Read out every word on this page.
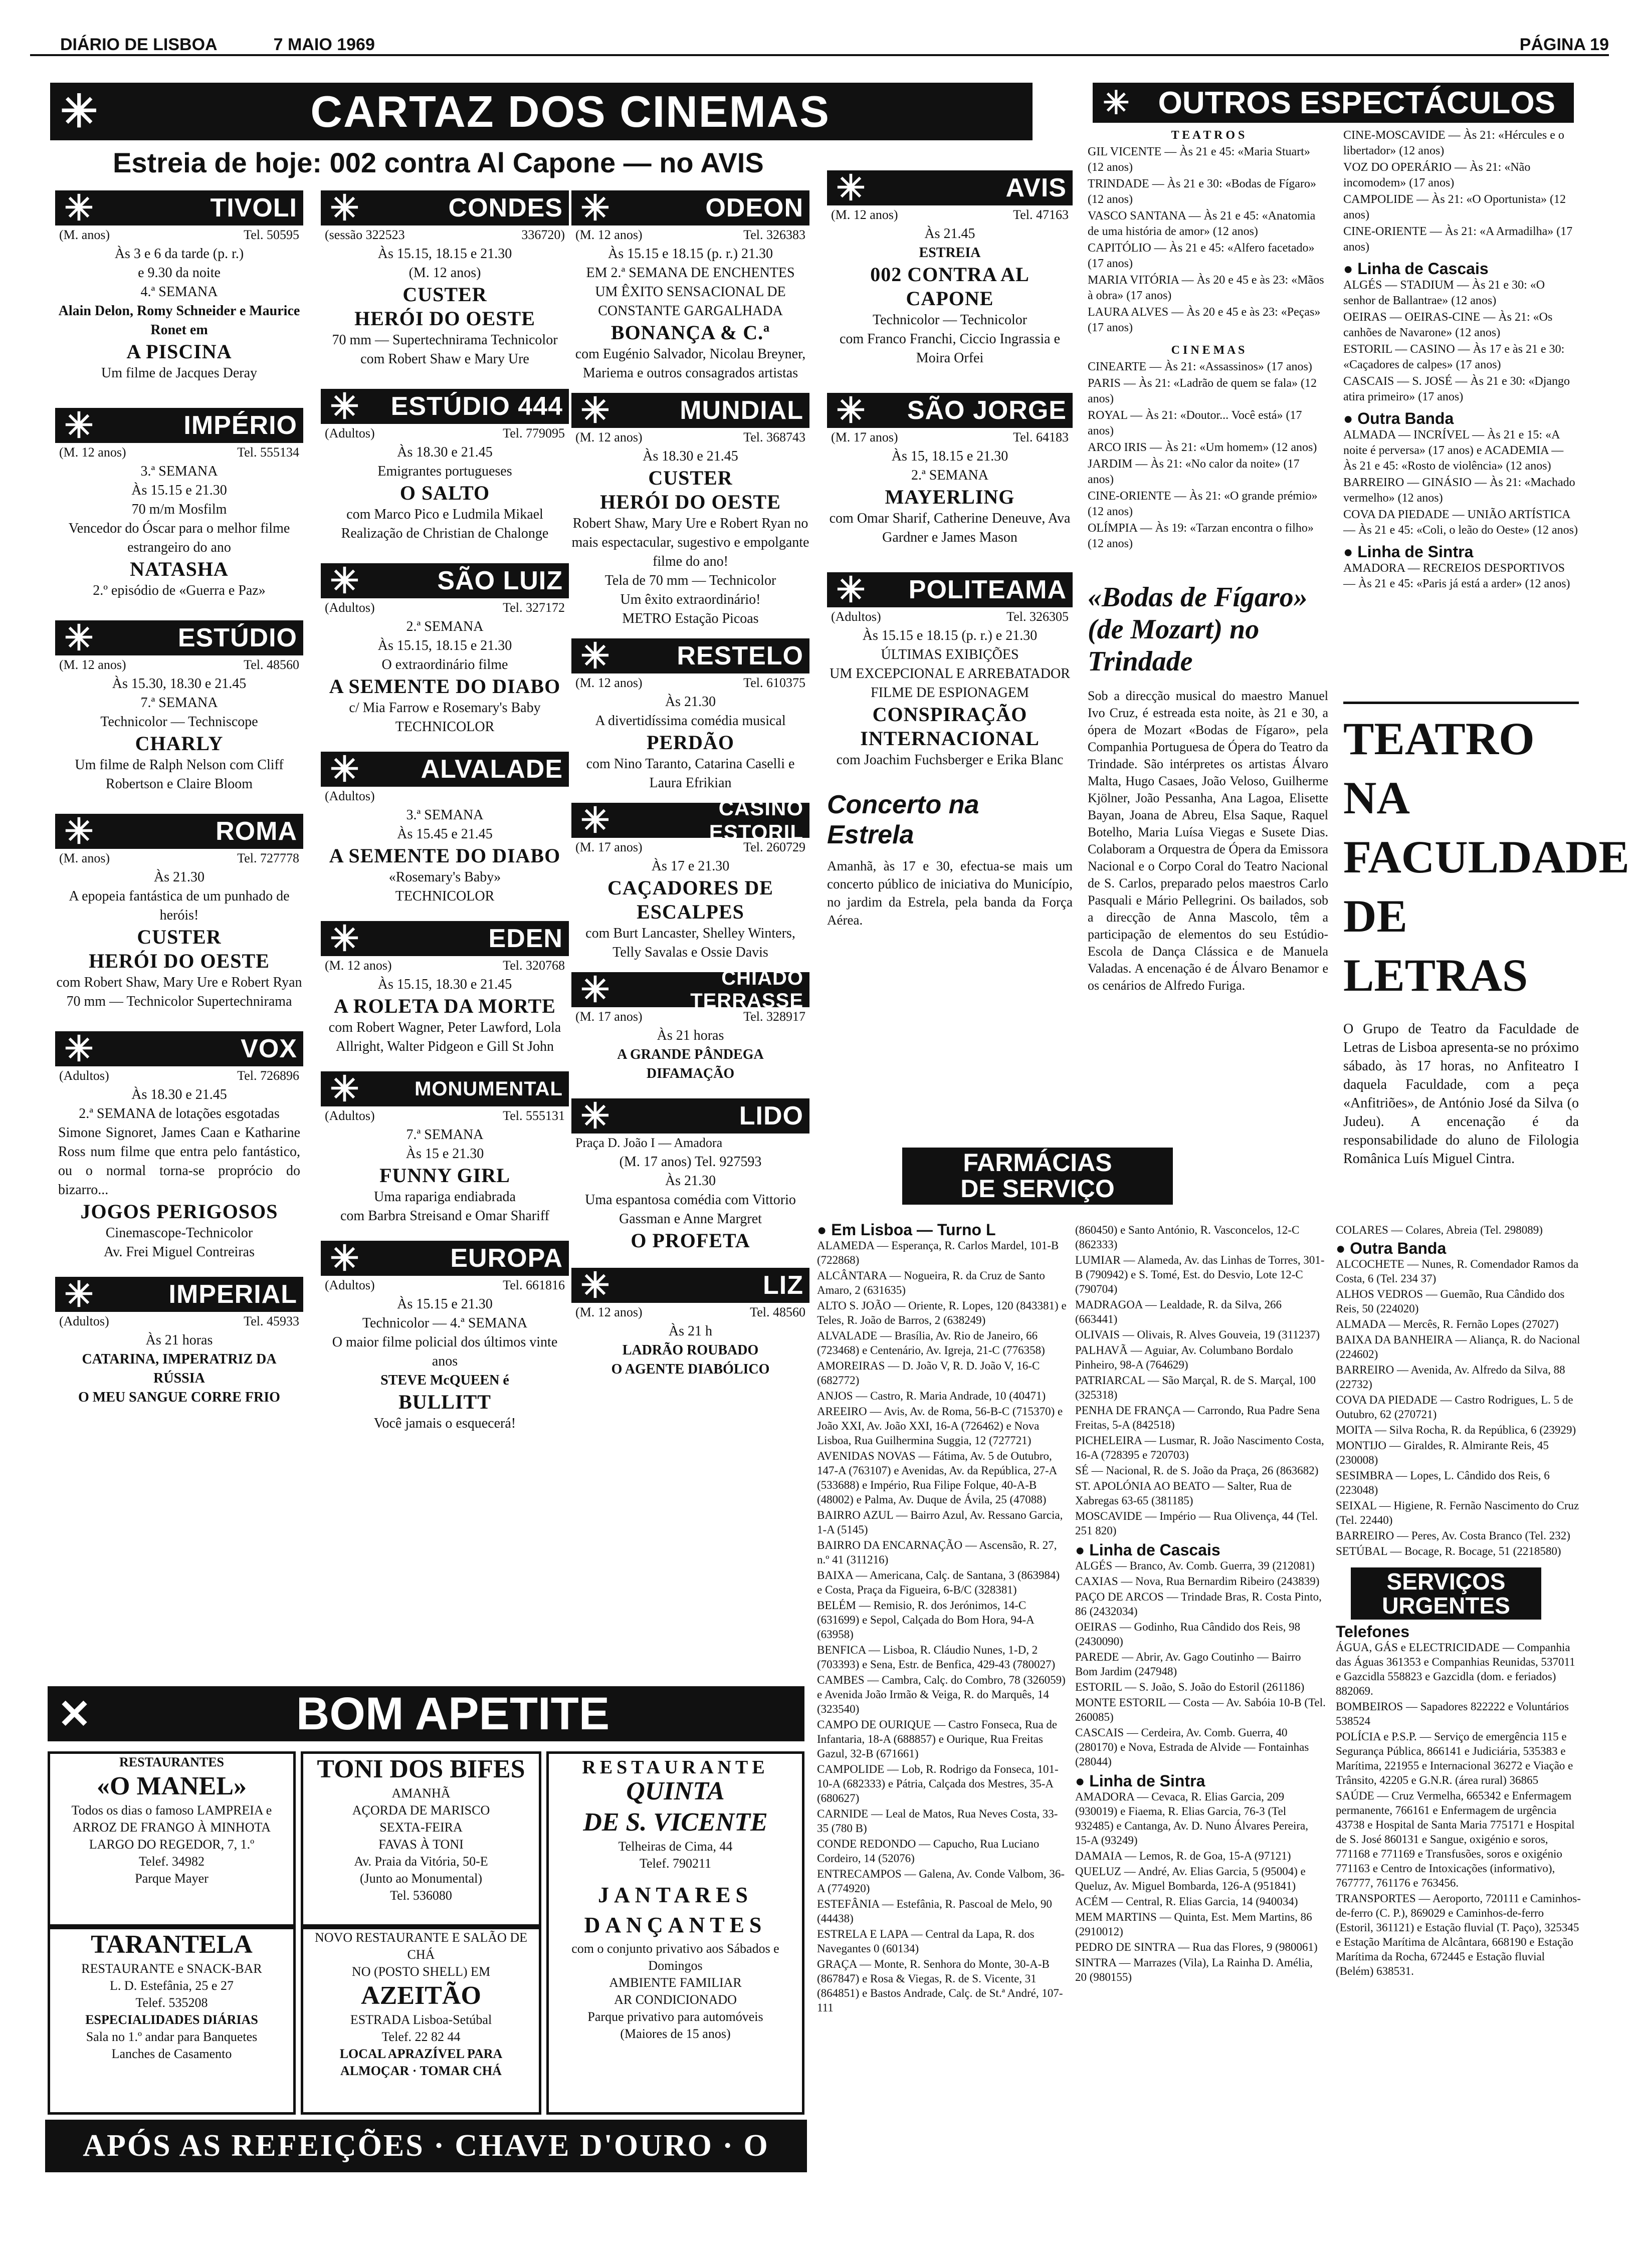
DIÁRIO DE LISBOA	7 MAIO 1969	PÁGINA 19
✳	CARTAZ DOS CINEMAS
Estreia de hoje: 002 contra Al Capone — no AVIS
✳	TIVOLI
(M. anos)	Tel. 50595

Às 3 e 6 da tarde (p. r.)

e 9.30 da noite

4.ª SEMANA

Alain Delon, Romy Schneider e Maurice Ronet em

A PISCINA

Um filme de Jacques Deray

✳	IMPÉRIO
(M. 12 anos)	Tel. 555134

3.ª SEMANA

Às 15.15 e 21.30

70 m/m Mosfilm

Vencedor do Óscar para o melhor filme estrangeiro do ano

NATASHA

2.º episódio de «Guerra e Paz»

✳	ESTÚDIO
(M. 12 anos)	Tel. 48560

Às 15.30, 18.30 e 21.45

7.ª SEMANA

Technicolor — Techniscope

CHARLY

Um filme de Ralph Nelson com Cliff Robertson e Claire Bloom

✳	ROMA
(M. anos)	Tel. 727778

Às 21.30

A epopeia fantástica de um punhado de heróis!

CUSTER

HERÓI DO OESTE

com Robert Shaw, Mary Ure e Robert Ryan

70 mm — Technicolor Supertechnirama

✳	VOX
(Adultos)	Tel. 726896

Às 18.30 e 21.45

2.ª SEMANA de lotações esgotadas

Simone Signoret, James Caan e Katharine Ross num filme que entra pelo fantástico, ou o normal torna-se proprócio do bizarro...

JOGOS PERIGOSOS

Cinemascope-Technicolor

Av. Frei Miguel Contreiras

✳	IMPERIAL
(Adultos)	Tel. 45933

Às 21 horas

CATARINA, IMPERATRIZ DA RÚSSIA

O MEU SANGUE CORRE FRIO

✳	CONDES
(sessão 322523	336720)

Às 15.15, 18.15 e 21.30

(M. 12 anos)

CUSTER

HERÓI DO OESTE

70 mm — Supertechnirama Technicolor

com Robert Shaw e Mary Ure

✳	ESTÚDIO 444
(Adultos)	Tel. 779095

Às 18.30 e 21.45

Emigrantes portugueses

O SALTO

com Marco Pico e Ludmila Mikael

Realização de Christian de Chalonge

✳	SÃO LUIZ
(Adultos)	Tel. 327172

2.ª SEMANA

Às 15.15, 18.15 e 21.30

O extraordinário filme

A SEMENTE DO DIABO

c/ Mia Farrow e Rosemary's Baby

TECHNICOLOR

✳	ALVALADE
(Adultos)

3.ª SEMANA

Às 15.45 e 21.45

A SEMENTE DO DIABO

«Rosemary's Baby»

TECHNICOLOR

✳	EDEN
(M. 12 anos)	Tel. 320768

Às 15.15, 18.30 e 21.45

A ROLETA DA MORTE

com Robert Wagner, Peter Lawford, Lola Allright, Walter Pidgeon e Gill St John

✳	MONUMENTAL
(Adultos)	Tel. 555131

7.ª SEMANA

Às 15 e 21.30

FUNNY GIRL

Uma rapariga endiabrada

com Barbra Streisand e Omar Shariff

✳	EUROPA
(Adultos)	Tel. 661816

Às 15.15 e 21.30

Technicolor — 4.ª SEMANA

O maior filme policial dos últimos vinte anos

STEVE McQUEEN é

BULLITT

Você jamais o esquecerá!

✳	ODEON
(M. 12 anos)	Tel. 326383

Às 15.15 e 18.15 (p. r.) 21.30

EM 2.ª SEMANA DE ENCHENTES

UM ÊXITO SENSACIONAL DE CONSTANTE GARGALHADA

BONANÇA & C.ª

com Eugénio Salvador, Nicolau Breyner, Mariema e outros consagrados artistas

✳	MUNDIAL
(M. 12 anos)	Tel. 368743

Às 18.30 e 21.45

CUSTER

HERÓI DO OESTE

Robert Shaw, Mary Ure e Robert Ryan no mais espectacular, sugestivo e empolgante filme do ano!

Tela de 70 mm — Technicolor

Um êxito extraordinário!

METRO Estação Picoas

✳	RESTELO
(M. 12 anos)	Tel. 610375

Às 21.30

A divertidíssima comédia musical

PERDÃO

com Nino Taranto, Catarina Caselli e Laura Efrikian

✳	CASINO ESTORIL
(M. 17 anos)	Tel. 260729

Às 17 e 21.30

CAÇADORES DE ESCALPES

com Burt Lancaster, Shelley Winters, Telly Savalas e Ossie Davis

✳	CHIADO TERRASSE
(M. 17 anos)	Tel. 328917

Às 21 horas

A GRANDE PÂNDEGA

DIFAMAÇÃO

✳	LIDO
Praça D. João I — Amadora

(M. 17 anos) Tel. 927593

Às 21.30

Uma espantosa comédia com Vittorio Gassman e Anne Margret

O PROFETA

✳	LIZ
(M. 12 anos)	Tel. 48560

Às 21 h

LADRÃO ROUBADO

O AGENTE DIABÓLICO

✳	AVIS
(M. 12 anos)	Tel. 47163

Às 21.45

ESTREIA

002 CONTRA AL CAPONE

Technicolor — Technicolor

com Franco Franchi, Ciccio Ingrassia e Moira Orfei

✳	SÃO JORGE
(M. 17 anos)	Tel. 64183

Às 15, 18.15 e 21.30

2.ª SEMANA

MAYERLING

com Omar Sharif, Catherine Deneuve, Ava Gardner e James Mason

✳	POLITEAMA
(Adultos)	Tel. 326305

Às 15.15 e 18.15 (p. r.) e 21.30

ÚLTIMAS EXIBIÇÕES

UM EXCEPCIONAL E ARREBATADOR FILME DE ESPIONAGEM

CONSPIRAÇÃO INTERNACIONAL

com Joachim Fuchsberger e Erika Blanc

Concerto na Estrela
Amanhã, às 17 e 30, efectua-se mais um concerto público de iniciativa do Município, no jardim da Estrela, pela banda da Força Aérea.
✳ OUTROS ESPECTÁCULOS

T E A T R O S

GIL VICENTE — Às 21 e 45: «Maria Stuart» (12 anos)

TRINDADE — Às 21 e 30: «Bodas de Fígaro» (12 anos)

VASCO SANTANA — Às 21 e 45: «Anatomia de uma história de amor» (12 anos)

CAPITÓLIO — Às 21 e 45: «Alfero facetado» (17 anos)

MARIA VITÓRIA — Às 20 e 45 e às 23: «Mãos à obra» (17 anos)

LAURA ALVES — Às 20 e 45 e às 23: «Peças» (17 anos)

C I N E M A S

CINEARTE — Às 21: «Assassinos» (17 anos)

PARIS — Às 21: «Ladrão de quem se fala» (12 anos)

ROYAL — Às 21: «Doutor... Você está» (17 anos)

ARCO IRIS — Às 21: «Um homem» (12 anos)

JARDIM — Às 21: «No calor da noite» (17 anos)

CINE-ORIENTE — Às 21: «O grande prémio» (12 anos)

OLÍMPIA — Às 19: «Tarzan encontra o filho» (12 anos)

CINE-MOSCAVIDE — Às 21: «Hércules e o libertador» (12 anos)

VOZ DO OPERÁRIO — Às 21: «Não incomodem» (17 anos)

CAMPOLIDE — Às 21: «O Oportunista» (12 anos)

CINE-ORIENTE — Às 21: «A Armadilha» (17 anos)

● Linha de Cascais

ALGÉS — STADIUM — Às 21 e 30: «O senhor de Ballantrae» (12 anos)

OEIRAS — OEIRAS-CINE — Às 21: «Os canhões de Navarone» (12 anos)

ESTORIL — CASINO — Às 17 e às 21 e 30: «Caçadores de calpes» (17 anos)

CASCAIS — S. JOSÉ — Às 21 e 30: «Django atira primeiro» (17 anos)

● Outra Banda

ALMADA — INCRÍVEL — Às 21 e 15: «A noite é perversa» (17 anos) e ACADEMIA — Às 21 e 45: «Rosto de violência» (12 anos)

BARREIRO — GINÁSIO — Às 21: «Machado vermelho» (12 anos)

COVA DA PIEDADE — UNIÃO ARTÍSTICA — Às 21 e 45: «Coli, o leão do Oeste» (12 anos)

● Linha de Sintra

AMADORA — RECREIOS DESPORTIVOS — Às 21 e 45: «Paris já está a arder» (12 anos)

«Bodas de Fígaro» (de Mozart) no Trindade
Sob a direcção musical do maestro Manuel Ivo Cruz, é estreada esta noite, às 21 e 30, a ópera de Mozart «Bodas de Fígaro», pela Companhia Portuguesa de Ópera do Teatro da Trindade. São intérpretes os artistas Álvaro Malta, Hugo Casaes, João Veloso, Guilherme Kjölner, João Pessanha, Ana Lagoa, Elisette Bayan, Joana de Abreu, Elsa Saque, Raquel Botelho, Maria Luísa Viegas e Susete Dias. Colaboram a Orquestra de Ópera da Emissora Nacional e o Corpo Coral do Teatro Nacional de S. Carlos, preparado pelos maestros Carlo Pasquali e Mário Pellegrini. Os bailados, sob a direcção de Anna Mascolo, têm a participação de elementos do seu Estúdio-Escola de Dança Clássica e de Manuela Valadas. A encenação é de Álvaro Benamor e os cenários de Alfredo Furiga.
TEATRO
NA FACULDADE
DE LETRAS
O Grupo de Teatro da Faculdade de Letras de Lisboa apresenta-se no próximo sábado, às 17 horas, no Anfiteatro I daquela Faculdade, com a peça «Anfitriões», de António José da Silva (o Judeu). A encenação é da responsabilidade do aluno de Filologia Românica Luís Miguel Cintra.
FARMÁCIAS
DE SERVIÇO

● Em Lisboa — Turno L

ALAMEDA — Esperança, R. Carlos Mardel, 101-B (722868)

ALCÂNTARA — Nogueira, R. da Cruz de Santo Amaro, 2 (631635)

ALTO S. JOÃO — Oriente, R. Lopes, 120 (843381) e Teles, R. João de Barros, 2 (638249)

ALVALADE — Brasília, Av. Rio de Janeiro, 66 (723468) e Centenário, Av. Igreja, 21-C (776358)

AMOREIRAS — D. João V, R. D. João V, 16-C (682772)

ANJOS — Castro, R. Maria Andrade, 10 (40471)

AREEIRO — Avis, Av. de Roma, 56-B-C (715370) e João XXI, Av. João XXI, 16-A (726462) e Nova Lisboa, Rua Guilhermina Suggia, 12 (727721)

AVENIDAS NOVAS — Fátima, Av. 5 de Outubro, 147-A (763107) e Avenidas, Av. da República, 27-A (533688) e Império, Rua Filipe Folque, 40-A-B (48002) e Palma, Av. Duque de Ávila, 25 (47088)

BAIRRO AZUL — Bairro Azul, Av. Ressano Garcia, 1-A (5145)

BAIRRO DA ENCARNAÇÃO — Ascensão, R. 27, n.º 41 (311216)

BAIXA — Americana, Calç. de Santana, 3 (863984) e Costa, Praça da Figueira, 6-B/C (328381)

BELÉM — Remisio, R. dos Jerónimos, 14-C (631699) e Sepol, Calçada do Bom Hora, 94-A (63958)

BENFICA — Lisboa, R. Cláudio Nunes, 1-D, 2 (703393) e Sena, Estr. de Benfica, 429-43 (780027)

CAMBES — Cambra, Calç. do Combro, 78 (326059) e Avenida João Irmão & Veiga, R. do Marquês, 14 (323540)

CAMPO DE OURIQUE — Castro Fonseca, Rua de Infantaria, 18-A (688857) e Ourique, Rua Freitas Gazul, 32-B (671661)

CAMPOLIDE — Lob, R. Rodrigo da Fonseca, 101-10-A (682333) e Pátria, Calçada dos Mestres, 35-A (680627)

CARNIDE — Leal de Matos, Rua Neves Costa, 33-35 (780 B)

CONDE REDONDO — Capucho, Rua Luciano Cordeiro, 14 (52076)

ENTRECAMPOS — Galena, Av. Conde Valbom, 36-A (774920)

ESTEFÂNIA — Estefânia, R. Pascoal de Melo, 90 (44438)

ESTRELA E LAPA — Central da Lapa, R. dos Navegantes 0 (60134)

GRAÇA — Monte, R. Senhora do Monte, 30-A-B (867847) e Rosa & Viegas, R. de S. Vicente, 31 (864851) e Bastos Andrade, Calç. de St.ª André, 107-111

(860450) e Santo António, R. Vasconcelos, 12-C (862333)

LUMIAR — Alameda, Av. das Linhas de Torres, 301-B (790942) e S. Tomé, Est. do Desvio, Lote 12-C (790704)

MADRAGOA — Lealdade, R. da Silva, 266 (663441)

OLIVAIS — Olivais, R. Alves Gouveia, 19 (311237)

PALHAVÃ — Aguiar, Av. Columbano Bordalo Pinheiro, 98-A (764629)

PATRIARCAL — São Marçal, R. de S. Marçal, 100 (325318)

PENHA DE FRANÇA — Carrondo, Rua Padre Sena Freitas, 5-A (842518)

PICHELEIRA — Lusmar, R. João Nascimento Costa, 16-A (728395 e 720703)

SÉ — Nacional, R. de S. João da Praça, 26 (863682)

ST. APOLÓNIA AO BEATO — Salter, Rua de Xabregas 63-65 (381185)

MOSCAVIDE — Império — Rua Olivença, 44 (Tel. 251 820)

● Linha de Cascais

ALGÉS — Branco, Av. Comb. Guerra, 39 (212081)

CAXIAS — Nova, Rua Bernardim Ribeiro (243839)

PAÇO DE ARCOS — Trindade Bras, R. Costa Pinto, 86 (2432034)

OEIRAS — Godinho, Rua Cândido dos Reis, 98 (2430090)

PAREDE — Abrir, Av. Gago Coutinho — Bairro Bom Jardim (247948)

ESTORIL — S. João, S. João do Estoril (261186)

MONTE ESTORIL — Costa — Av. Sabóia 10-B (Tel. 260085)

CASCAIS — Cerdeira, Av. Comb. Guerra, 40 (280170) e Nova, Estrada de Alvide — Fontainhas (28044)

● Linha de Sintra

AMADORA — Cevaca, R. Elias Garcia, 209 (930019) e Fiaema, R. Elias Garcia, 76-3 (Tel 932485) e Cantanga, Av. D. Nuno Álvares Pereira, 15-A (93249)

DAMAIA — Lemos, R. de Goa, 15-A (97121)

QUELUZ — André, Av. Elias Garcia, 5 (95004) e Queluz, Av. Miguel Bombarda, 126-A (951841)

ACÉM — Central, R. Elias Garcia, 14 (940034)

MEM MARTINS — Quinta, Est. Mem Martins, 86 (2910012)

PEDRO DE SINTRA — Rua das Flores, 9 (980061)

SINTRA — Marrazes (Vila), La Rainha D. Amélia, 20 (980155)

COLARES — Colares, Abreia (Tel. 298089)

● Outra Banda

ALCOCHETE — Nunes, R. Comendador Ramos da Costa, 6 (Tel. 234 37)

ALHOS VEDROS — Guemão, Rua Cândido dos Reis, 50 (224020)

ALMADA — Mercês, R. Fernão Lopes (27027)

BAIXA DA BANHEIRA — Aliança, R. do Nacional (224602)

BARREIRO — Avenida, Av. Alfredo da Silva, 88 (22732)

COVA DA PIEDADE — Castro Rodrigues, L. 5 de Outubro, 62 (270721)

MOITA — Silva Rocha, R. da República, 6 (23929)

MONTIJO — Giraldes, R. Almirante Reis, 45 (230008)

SESIMBRA — Lopes, L. Cândido dos Reis, 6 (223048)

SEIXAL — Higiene, R. Fernão Nascimento do Cruz (Tel. 22440)

BARREIRO — Peres, Av. Costa Branco (Tel. 232)

SETÚBAL — Bocage, R. Bocage, 51 (2218580)

SERVIÇOS
URGENTES

Telefones

ÁGUA, GÁS e ELECTRICIDADE — Companhia das Águas 361353 e Companhias Reunidas, 537011 e Gazcidla 558823 e Gazcidla (dom. e feriados) 882069.

BOMBEIROS — Sapadores 822222 e Voluntários 538524

POLÍCIA e P.S.P. — Serviço de emergência 115 e Segurança Pública, 866141 e Judiciária, 535383 e Marítima, 221955 e Internacional 36272 e Viação e Trânsito, 42205 e G.N.R. (área rural) 36865

SAÚDE — Cruz Vermelha, 665342 e Enfermagem permanente, 766161 e Enfermagem de urgência 43738 e Hospital de Santa Maria 775171 e Hospital de S. José 860131 e Sangue, oxigénio e soros, 771168 e 771169 e Transfusões, soros e oxigénio 771163 e Centro de Intoxicações (informativo), 767777, 761176 e 763456.

TRANSPORTES — Aeroporto, 720111 e Caminhos-de-ferro (C. P.), 869029 e Caminhos-de-ferro (Estoril, 361121) e Estação fluvial (T. Paço), 325345 e Estação Marítima de Alcântara, 668190 e Estação Marítima da Rocha, 672445 e Estação fluvial (Belém) 638531.

✕	BOM APETITE
RESTAURANTES
«O MANEL»
Todos os dias o famoso LAMPREIA e ARROZ DE FRANGO À MINHOTA
LARGO DO REGEDOR, 7, 1.º
Telef. 34982
Parque Mayer
TARANTELA
RESTAURANTE e SNACK-BAR
L. D. Estefânia, 25 e 27
Telef. 535208
ESPECIALIDADES DIÁRIAS
Sala no 1.º andar para Banquetes
Lanches de Casamento
TONI DOS BIFES
AMANHÃ
AÇORDA DE MARISCO
SEXTA-FEIRA
FAVAS À TONI
Av. Praia da Vitória, 50-E
(Junto ao Monumental)
Tel. 536080
NOVO RESTAURANTE E SALÃO DE CHÁ
NO (POSTO SHELL) EM
AZEITÃO
ESTRADA Lisboa-Setúbal
Telef. 22 82 44
LOCAL APRAZÍVEL PARA
ALMOÇAR · TOMAR CHÁ
RESTAURANTE
QUINTA
DE S. VICENTE
Telheiras de Cima, 44
Telef. 790211
JANTARES
DANÇANTES
com o conjunto privativo aos Sábados e Domingos
AMBIENTE FAMILIAR
AR CONDICIONADO
Parque privativo para automóveis
(Maiores de 15 anos)
APÓS AS REFEIÇÕES · CHAVE D'OURO · O MELHOR CAFÉ
